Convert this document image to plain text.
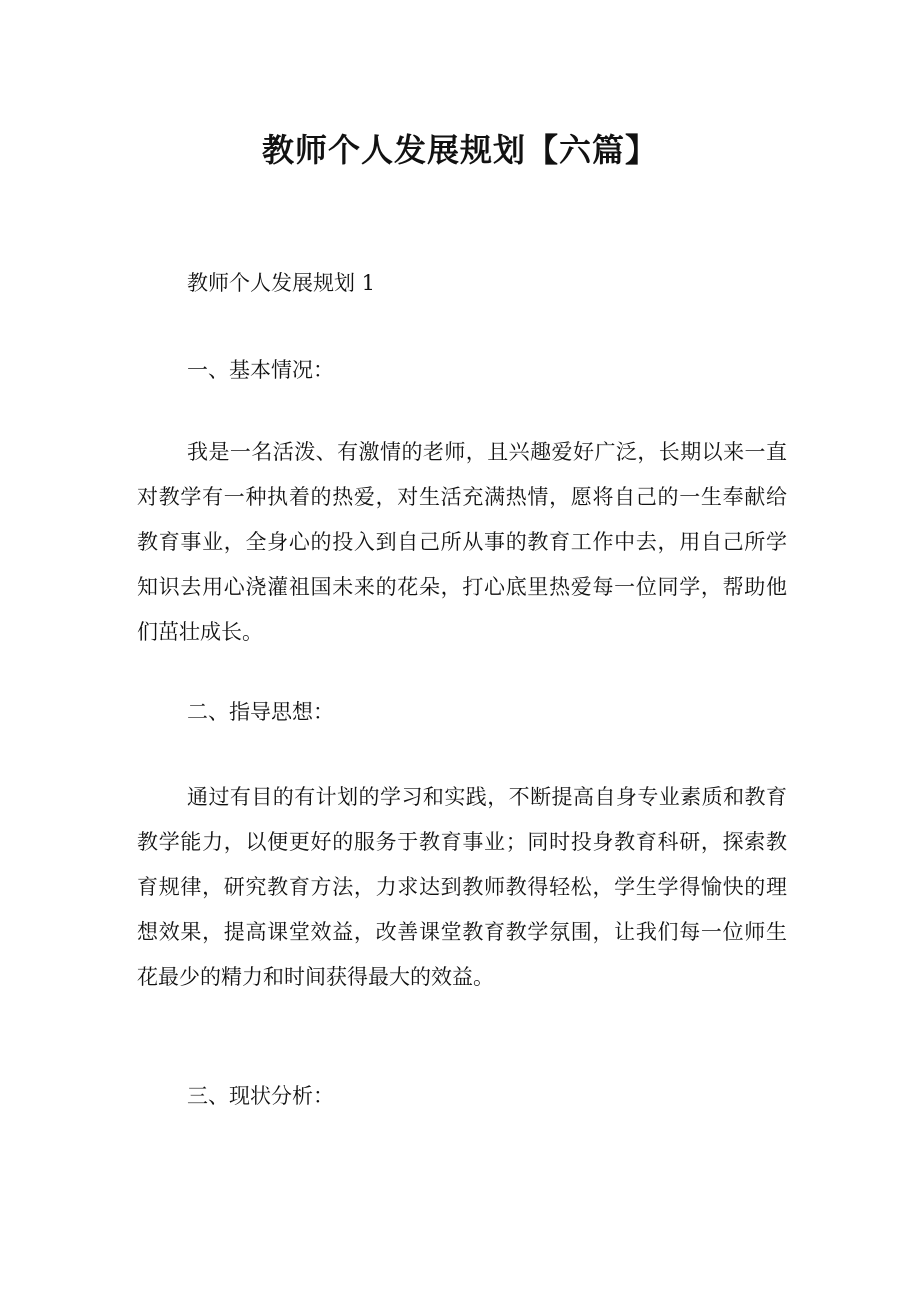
教师个人发展规划【六篇】

教师个人发展规划 1

一、基本情况：

我是一名活泼、有激情的老师，且兴趣爱好广泛，长期以来一直对教学有一种执着的热爱，对生活充满热情，愿将自己的一生奉献给教育事业，全身心的投入到自己所从事的教育工作中去，用自己所学知识去用心浇灌祖国未来的花朵，打心底里热爱每一位同学，帮助他们茁壮成长。

二、指导思想：

通过有目的有计划的学习和实践，不断提高自身专业素质和教育教学能力，以便更好的服务于教育事业；同时投身教育科研，探索教育规律，研究教育方法，力求达到教师教得轻松，学生学得愉快的理想效果，提高课堂效益，改善课堂教育教学氛围，让我们每一位师生花最少的精力和时间获得最大的效益。

三、现状分析：
